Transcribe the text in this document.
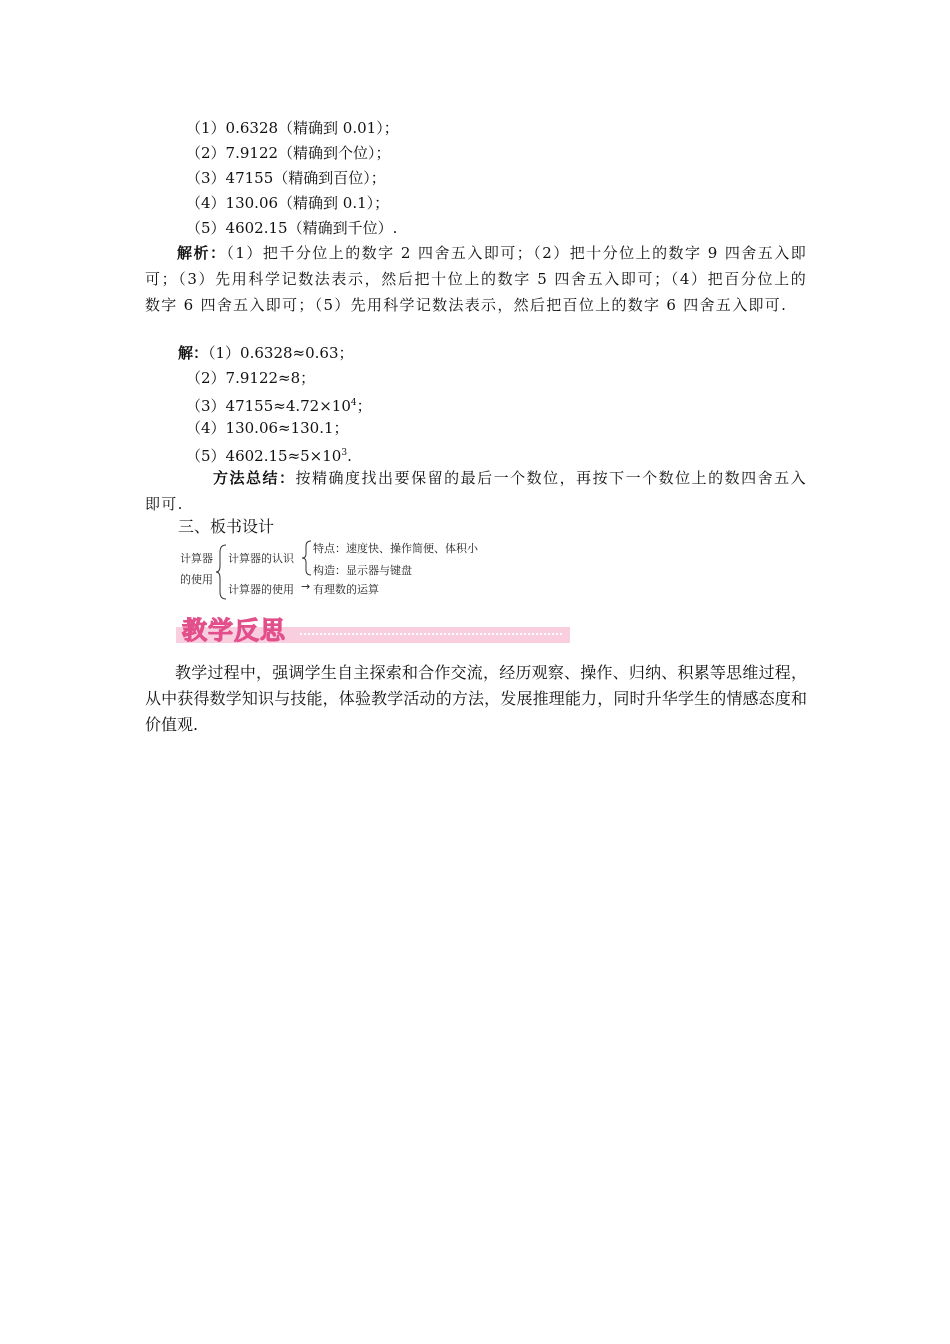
（1）0.6328（精确到 0.01）；
（2）7.9122（精确到个位）；
（3）47155（精确到百位）；
（4）130.06（精确到 0.1）；
（5）4602.15（精确到千位）.
解析：（1）把千分位上的数字 2 四舍五入即可；（2）把十分位上的数字 9 四舍五入即可；（3）先用科学记数法表示，然后把十位上的数字 5 四舍五入即可；（4）把百分位上的数字 6 四舍五入即可；（5）先用科学记数法表示，然后把百位上的数字 6 四舍五入即可.
解：（1）0.6328≈0.63；
（2）7.9122≈8；
$(3)47155\approx 4.72\times 10^4$；
（4）130.06≈130.1；
$(5)4602.15\approx 5\times 10^3$.
方法总结：按精确度找出要保留的最后一个数位，再按下一个数位上的数四舍五入即可.
三、板书设计
计算器
的使用
计算器的认识
特点：速度快、操作简便、体积小
构造：显示器与键盘
计算器的使用 → 有理数的运算
教学反思
教学过程中，强调学生自主探索和合作交流，经历观察、操作、归纳、积累等思维过程，从中获得数学知识与技能，体验教学活动的方法，发展推理能力，同时升华学生的情感态度和价值观.
